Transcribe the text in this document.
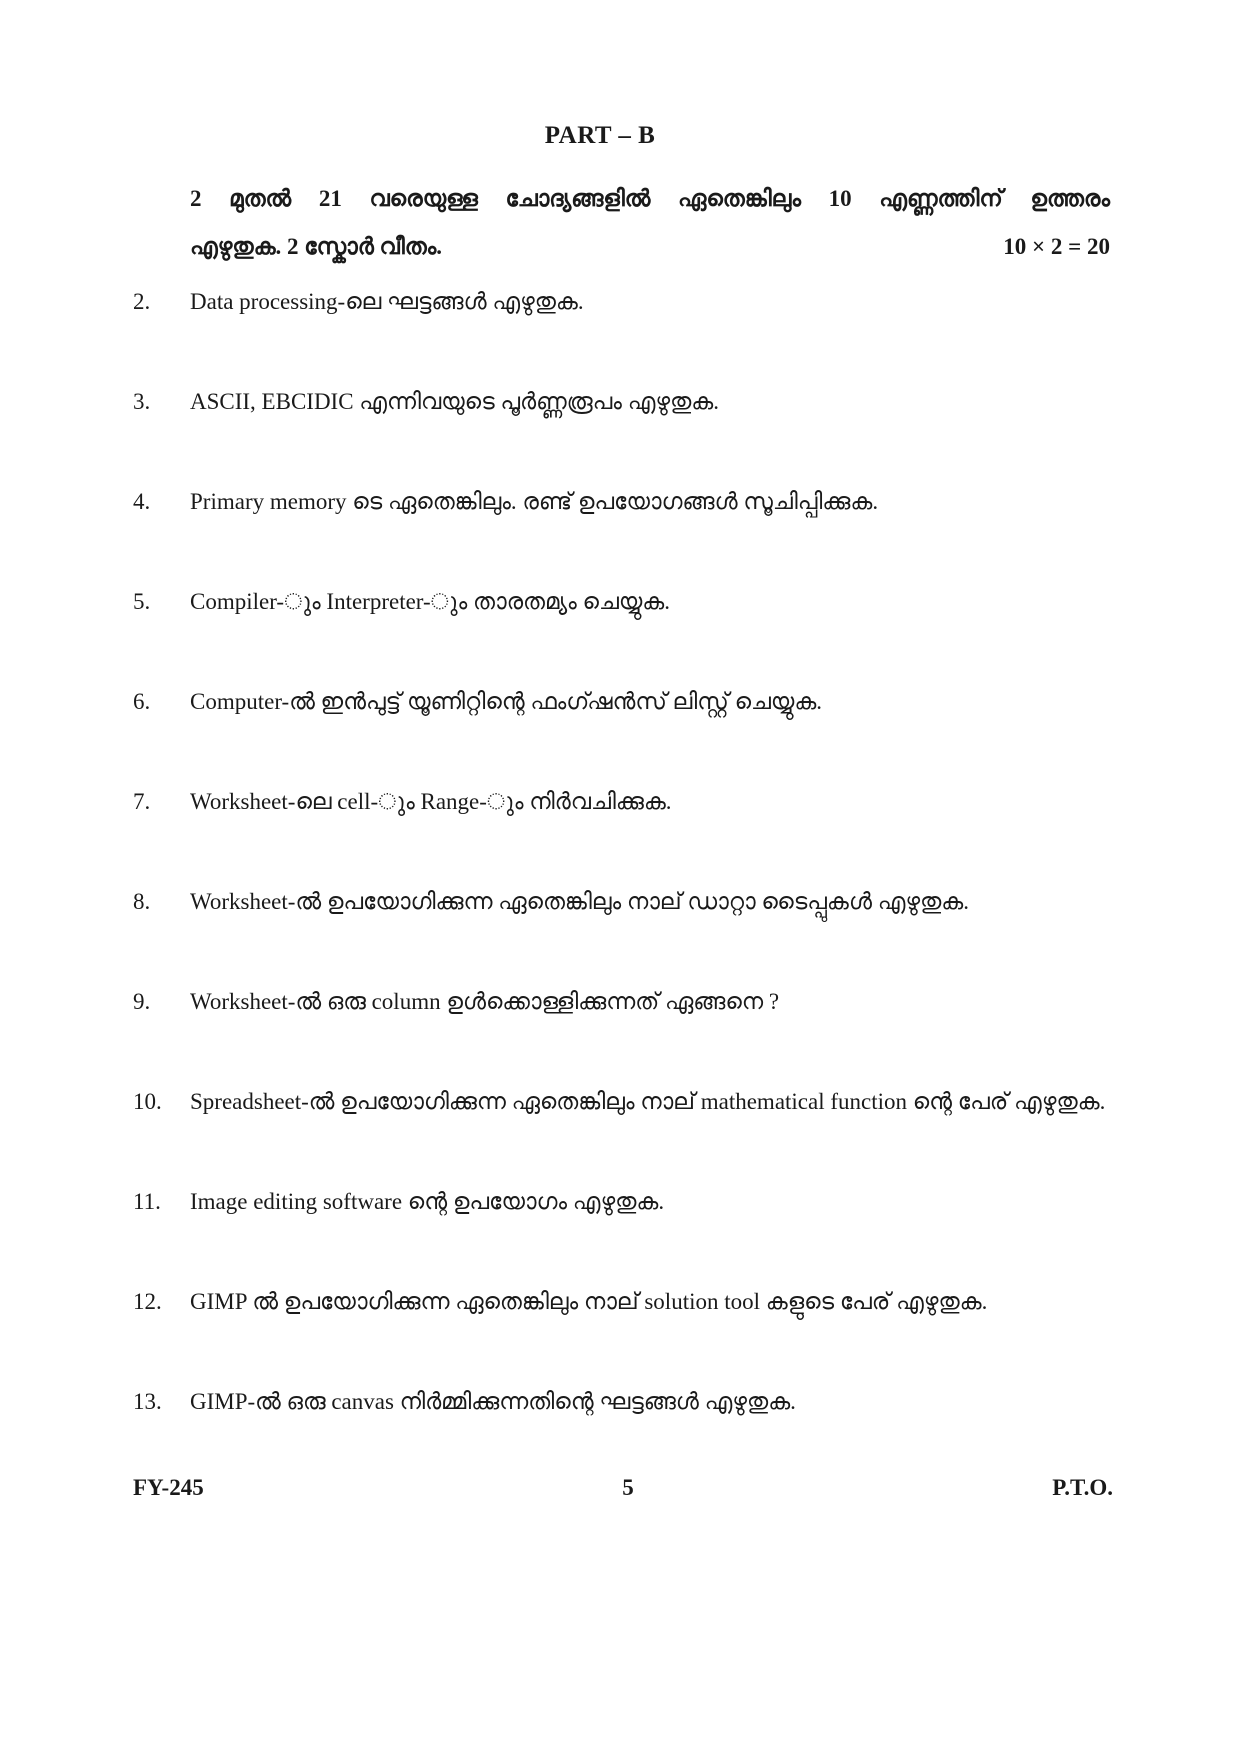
PART – B
2 മുതൽ 21 വരെയുള്ള ചോദ്യങ്ങളിൽ ഏതെങ്കിലും 10 എണ്ണത്തിന് ഉത്തരം
എഴുതുക. 2 സ്കോർ വീതം.	10 × 2 = 20
2.	Data processing-ലെ ഘട്ടങ്ങൾ എഴുതുക.
3.	ASCII, EBCIDIC എന്നിവയുടെ പൂർണ്ണരൂപം എഴുതുക.
4.	Primary memory ടെ ഏതെങ്കിലും. രണ്ട് ഉപയോഗങ്ങൾ സൂചിപ്പിക്കുക.
5.	Compiler-ും Interpreter-ും താരതമ്യം ചെയ്യുക.
6.	Computer-ൽ ഇൻപുട്ട് യൂണിറ്റിന്റെ ഫംഗ്ഷൻസ് ലിസ്റ്റ് ചെയ്യുക.
7.	Worksheet-ലെ cell-ും Range-ും നിർവചിക്കുക.
8.	Worksheet-ൽ ഉപയോഗിക്കുന്ന ഏതെങ്കിലും നാല് ഡാറ്റാ ടൈപ്പുകൾ എഴുതുക.
9.	Worksheet-ൽ ഒരു column ഉൾക്കൊള്ളിക്കുന്നത് ഏങ്ങനെ ?
10.	Spreadsheet-ൽ ഉപയോഗിക്കുന്ന ഏതെങ്കിലും നാല് mathematical function ന്റെ പേര് എഴുതുക.
11.	Image editing software ന്റെ ഉപയോഗം എഴുതുക.
12.	GIMP ൽ ഉപയോഗിക്കുന്ന ഏതെങ്കിലും നാല് solution tool കളുടെ പേര് എഴുതുക.
13.	GIMP-ൽ ഒരു canvas നിർമ്മിക്കുന്നതിന്റെ ഘട്ടങ്ങൾ എഴുതുക.
FY-245	5	P.T.O.
